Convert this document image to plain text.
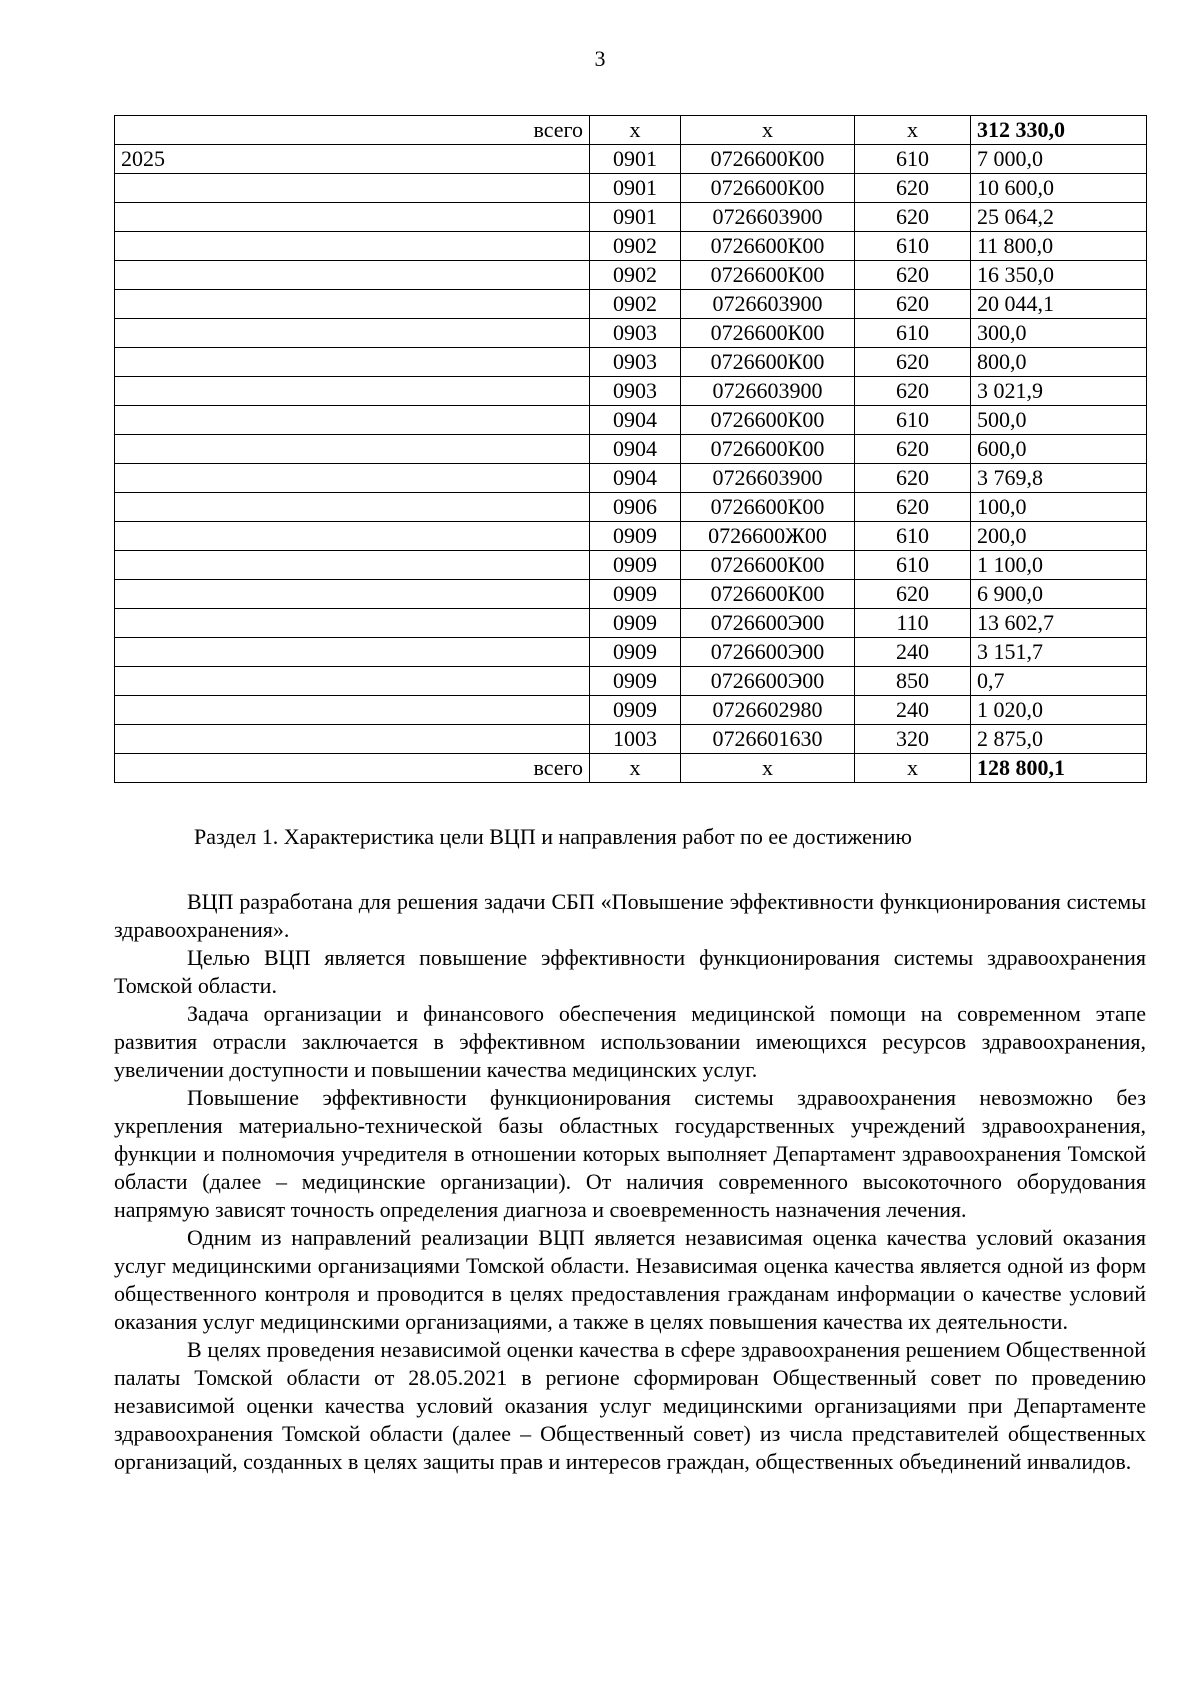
3
всего	х	х	х	312 330,0
2025	0901	0726600К00	610	7 000,0
	0901	0726600К00	620	10 600,0
	0901	0726603900	620	25 064,2
	0902	0726600К00	610	11 800,0
	0902	0726600К00	620	16 350,0
	0902	0726603900	620	20 044,1
	0903	0726600К00	610	300,0
	0903	0726600К00	620	800,0
	0903	0726603900	620	3 021,9
	0904	0726600К00	610	500,0
	0904	0726600К00	620	600,0
	0904	0726603900	620	3 769,8
	0906	0726600К00	620	100,0
	0909	0726600Ж00	610	200,0
	0909	0726600К00	610	1 100,0
	0909	0726600К00	620	6 900,0
	0909	0726600Э00	110	13 602,7
	0909	0726600Э00	240	3 151,7
	0909	0726600Э00	850	0,7
	0909	0726602980	240	1 020,0
	1003	0726601630	320	2 875,0
всего	х	х	х	128 800,1
Раздел 1. Характеристика цели ВЦП и направления работ по ее достижению

ВЦП разработана для решения задачи СБП «Повышение эффективности функционирования системы здравоохранения».

Целью ВЦП является повышение эффективности функционирования системы здравоохранения Томской области.

Задача организации и финансового обеспечения медицинской помощи на современном этапе развития отрасли заключается в эффективном использовании имеющихся ресурсов здравоохранения, увеличении доступности и повышении качества медицинских услуг.

Повышение эффективности функционирования системы здравоохранения невозможно без укрепления материально-технической базы областных государственных учреждений здравоохранения, функции и полномочия учредителя в отношении которых выполняет Департамент здравоохранения Томской области (далее – медицинские организации). От наличия современного высокоточного оборудования напрямую зависят точность определения диагноза и своевременность назначения лечения.

Одним из направлений реализации ВЦП является независимая оценка качества условий оказания услуг медицинскими организациями Томской области. Независимая оценка качества является одной из форм общественного контроля и проводится в целях предоставления гражданам информации о качестве условий оказания услуг медицинскими организациями, а также в целях повышения качества их деятельности.

В целях проведения независимой оценки качества в сфере здравоохранения решением Общественной палаты Томской области от 28.05.2021 в регионе сформирован Общественный совет по проведению независимой оценки качества условий оказания услуг медицинскими организациями при Департаменте здравоохранения Томской области (далее – Общественный совет) из числа представителей общественных организаций, созданных в целях защиты прав и интересов граждан, общественных объединений инвалидов.
